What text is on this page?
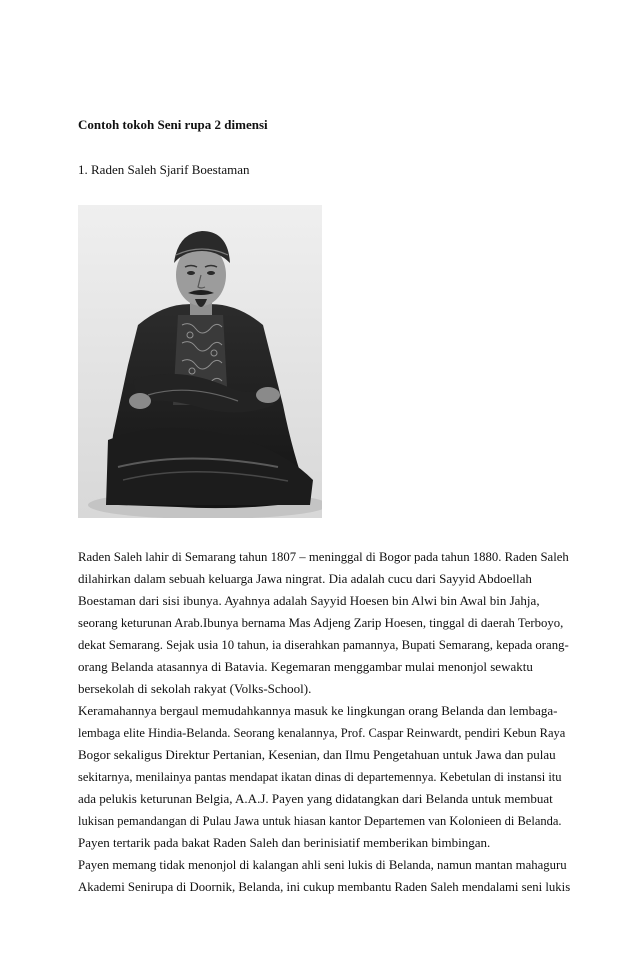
Contoh tokoh Seni rupa 2 dimensi
1. Raden Saleh Sjarif Boestaman
Raden Saleh lahir di Semarang tahun 1807 – meninggal di Bogor pada tahun 1880. Raden Saleh
dilahirkan dalam sebuah keluarga Jawa ningrat. Dia adalah cucu dari Sayyid Abdoellah
Boestaman dari sisi ibunya. Ayahnya adalah Sayyid Hoesen bin Alwi bin Awal bin Jahja,
seorang keturunan Arab.Ibunya bernama Mas Adjeng Zarip Hoesen, tinggal di daerah Terboyo,
dekat Semarang. Sejak usia 10 tahun, ia diserahkan pamannya, Bupati Semarang, kepada orang-
orang Belanda atasannya di Batavia. Kegemaran menggambar mulai menonjol sewaktu
bersekolah di sekolah rakyat (Volks-School).
Keramahannya bergaul memudahkannya masuk ke lingkungan orang Belanda dan lembaga-
lembaga elite Hindia-Belanda. Seorang kenalannya, Prof. Caspar Reinwardt, pendiri Kebun Raya
Bogor sekaligus Direktur Pertanian, Kesenian, dan Ilmu Pengetahuan untuk Jawa dan pulau
sekitarnya, menilainya pantas mendapat ikatan dinas di departemennya. Kebetulan di instansi itu
ada pelukis keturunan Belgia, A.A.J. Payen yang didatangkan dari Belanda untuk membuat
lukisan pemandangan di Pulau Jawa untuk hiasan kantor Departemen van Kolonieen di Belanda.
Payen tertarik pada bakat Raden Saleh dan berinisiatif memberikan bimbingan.
Payen memang tidak menonjol di kalangan ahli seni lukis di Belanda, namun mantan mahaguru
Akademi Senirupa di Doornik, Belanda, ini cukup membantu Raden Saleh mendalami seni lukis
